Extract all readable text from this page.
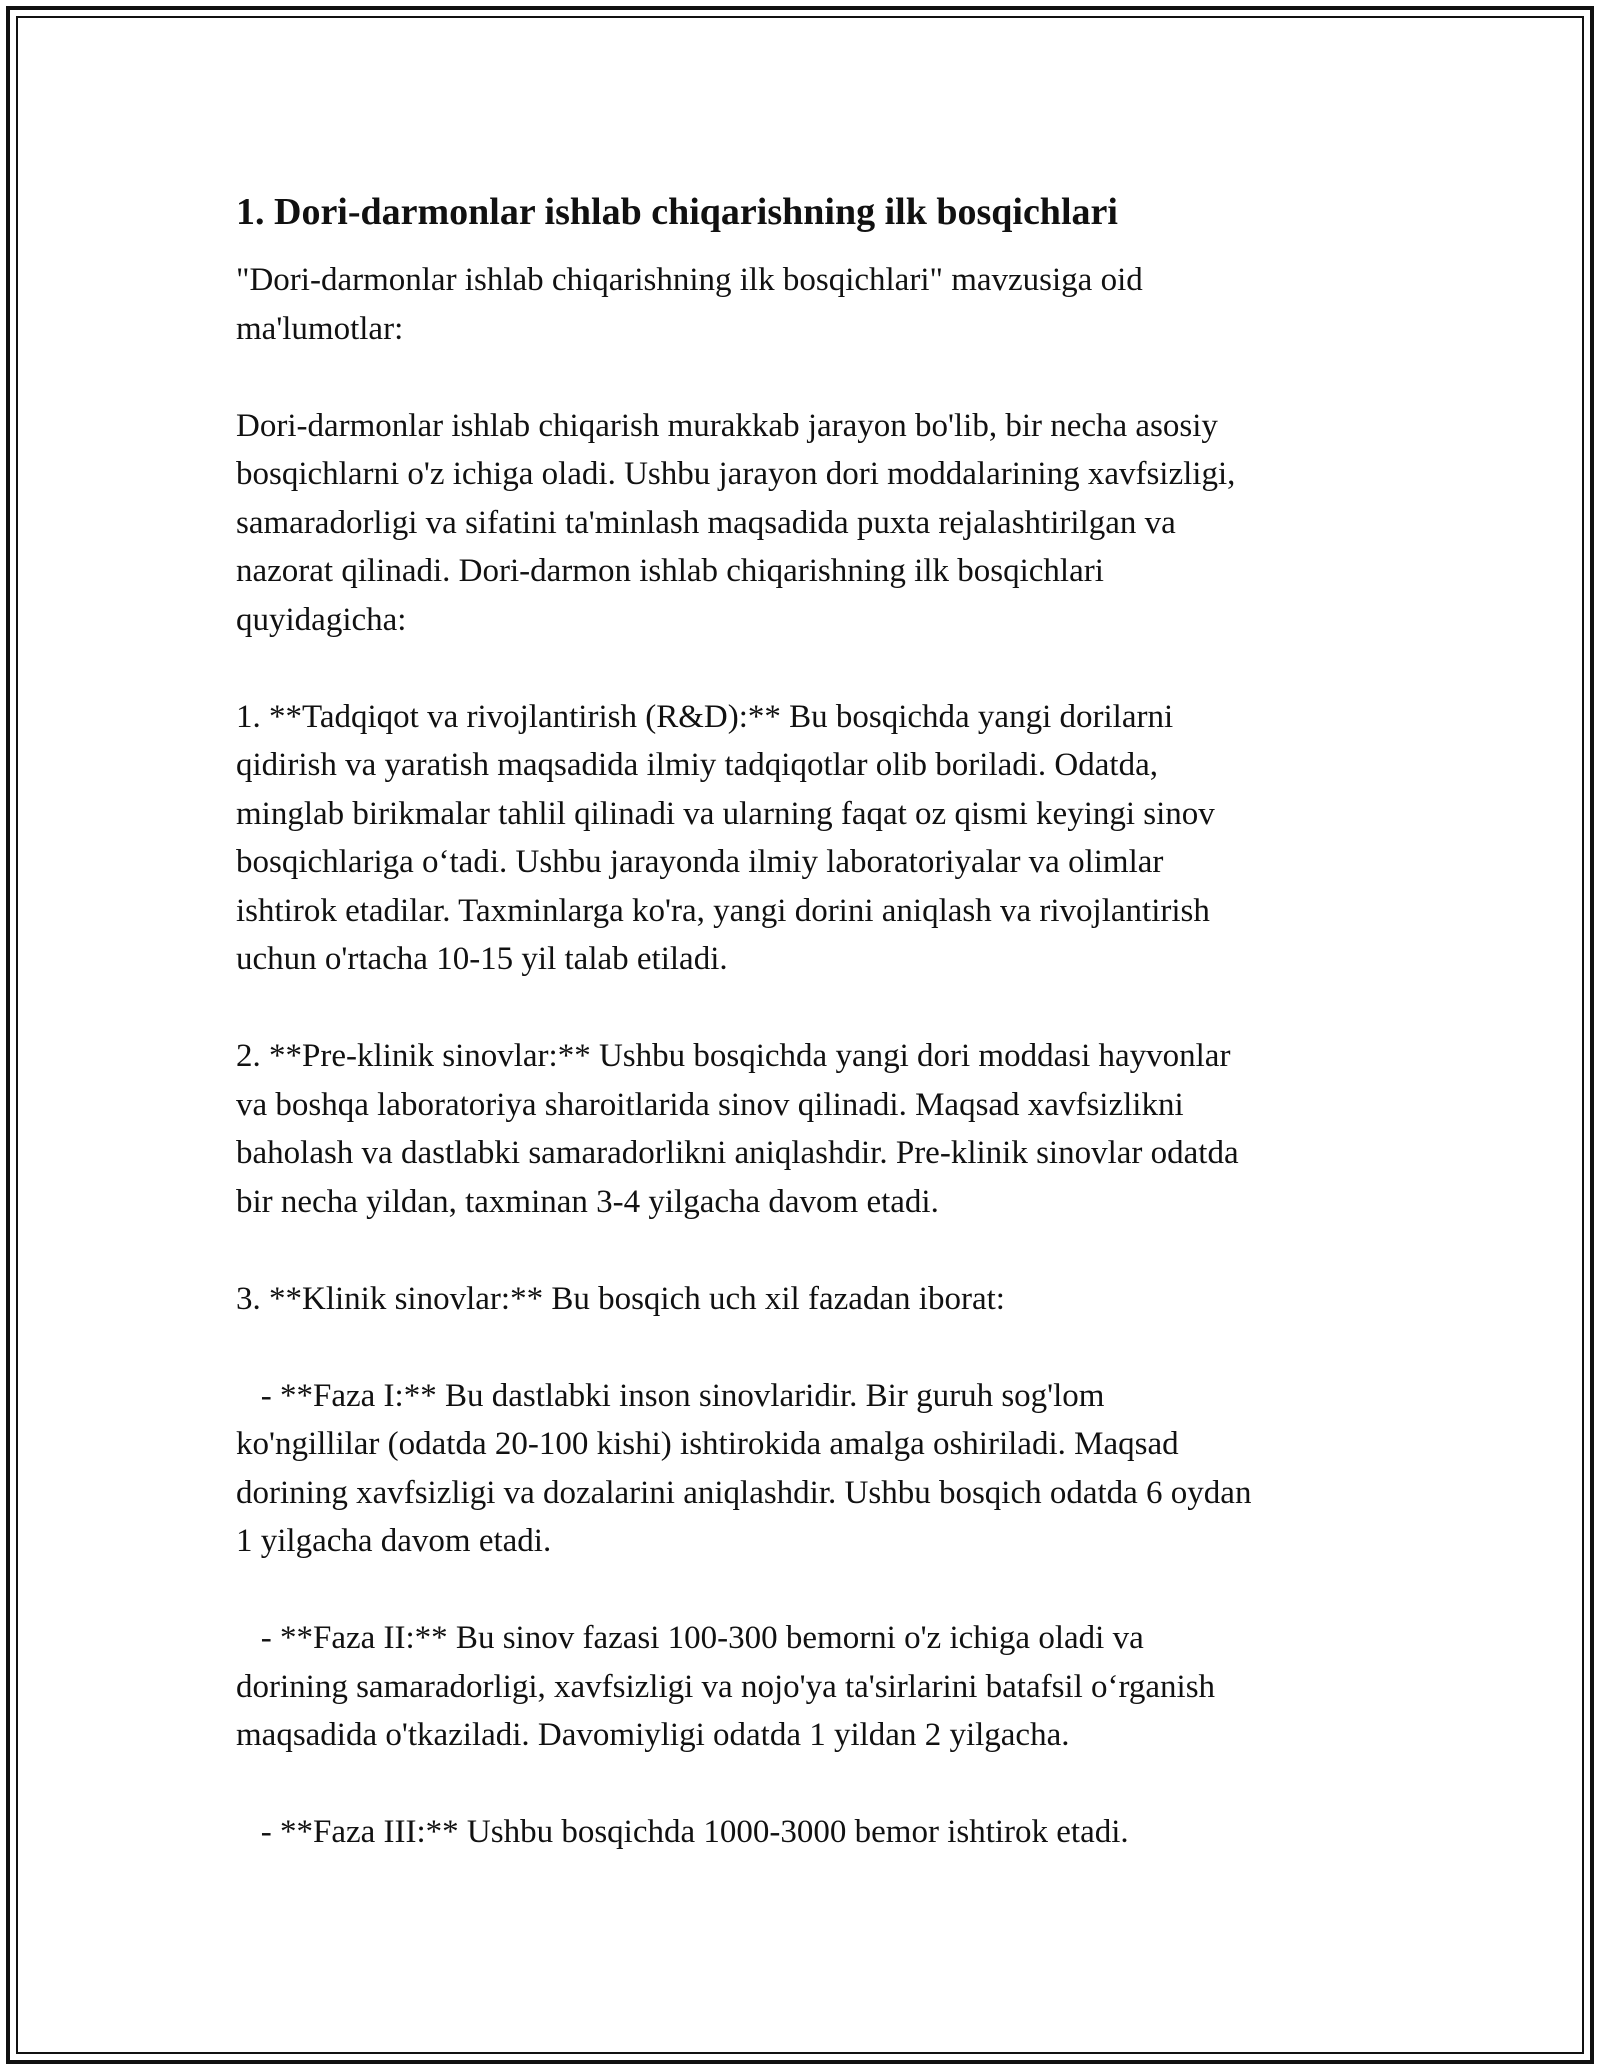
1. Dori-darmonlar ishlab chiqarishning ilk bosqichlari

"Dori-darmonlar ishlab chiqarishning ilk bosqichlari" mavzusiga oid
ma'lumotlar:

Dori-darmonlar ishlab chiqarish murakkab jarayon bo'lib, bir necha asosiy
bosqichlarni o'z ichiga oladi. Ushbu jarayon dori moddalarining xavfsizligi,
samaradorligi va sifatini ta'minlash maqsadida puxta rejalashtirilgan va
nazorat qilinadi. Dori-darmon ishlab chiqarishning ilk bosqichlari
quyidagicha:

1. **Tadqiqot va rivojlantirish (R&D):** Bu bosqichda yangi dorilarni
qidirish va yaratish maqsadida ilmiy tadqiqotlar olib boriladi. Odatda,
minglab birikmalar tahlil qilinadi va ularning faqat oz qismi keyingi sinov
bosqichlariga o‘tadi. Ushbu jarayonda ilmiy laboratoriyalar va olimlar
ishtirok etadilar. Taxminlarga ko'ra, yangi dorini aniqlash va rivojlantirish
uchun o'rtacha 10-15 yil talab etiladi.

2. **Pre-klinik sinovlar:** Ushbu bosqichda yangi dori moddasi hayvonlar
va boshqa laboratoriya sharoitlarida sinov qilinadi. Maqsad xavfsizlikni
baholash va dastlabki samaradorlikni aniqlashdir. Pre-klinik sinovlar odatda
bir necha yildan, taxminan 3-4 yilgacha davom etadi.

3. **Klinik sinovlar:** Bu bosqich uch xil fazadan iborat:

- **Faza I:** Bu dastlabki inson sinovlaridir. Bir guruh sog'lom
ko'ngillilar (odatda 20-100 kishi) ishtirokida amalga oshiriladi. Maqsad
dorining xavfsizligi va dozalarini aniqlashdir. Ushbu bosqich odatda 6 oydan
1 yilgacha davom etadi.

- **Faza II:** Bu sinov fazasi 100-300 bemorni o'z ichiga oladi va
dorining samaradorligi, xavfsizligi va nojo'ya ta'sirlarini batafsil o‘rganish
maqsadida o'tkaziladi. Davomiyligi odatda 1 yildan 2 yilgacha.

- **Faza III:** Ushbu bosqichda 1000-3000 bemor ishtirok etadi.
